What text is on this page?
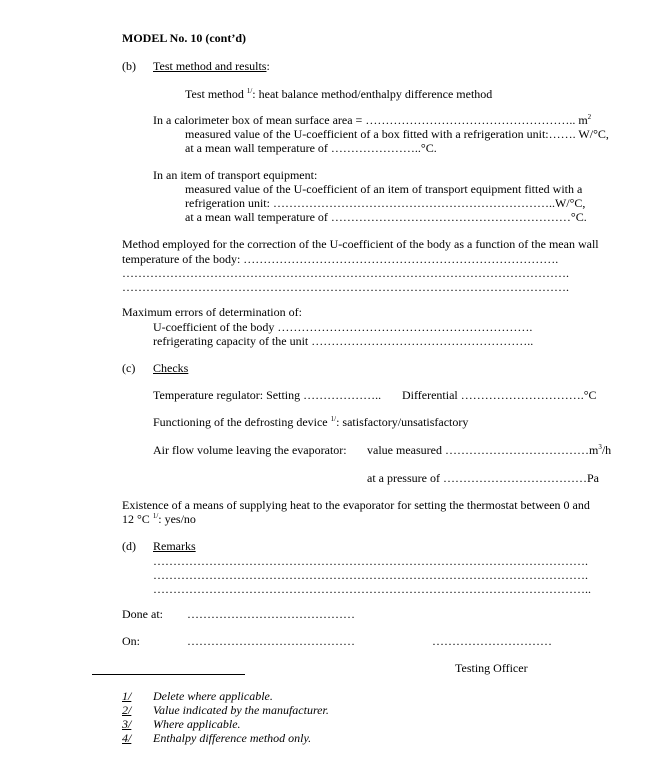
MODEL No. 10 (cont’d)
(b) Test method and results:
Test method $^{1/}$: heat balance method/enthalpy difference method
In a calorimeter box of mean surface area = …………………………………………….. $m^2$
measured value of the U-coefficient of a box fitted with a refrigeration unit:……. W/°C,
at a mean wall temperature of …………………..°C.
In an item of transport equipment:
measured value of the U-coefficient of an item of transport equipment fitted with a
refrigeration unit: ……………………………………………………………..W/°C,
at a mean wall temperature of ……………………………………………………°C.
Method employed for the correction of the U-coefficient of the body as a function of the mean wall
temperature of the body: …………………………………………………………………….
………………………………………………………………………………………………….
………………………………………………………………………………………………….
Maximum errors of determination of:
U-coefficient of the body ……………………………………………………….
refrigerating capacity of the unit ………………………………………………..
(c) Checks
Temperature regulator: Setting ……………….. Differential ………………………….°C
Functioning of the defrosting device $^{1/}$: satisfactory/unsatisfactory
Air flow volume leaving the evaporator: value measured $\dots\dots\dots\dots\dots\dots\dots\dots\dots\dots\dots\dots m^3/h$
at a pressure of ………………………………Pa
Existence of a means of supplying heat to the evaporator for setting the thermostat between 0 and
12 °C $^{1/}$: yes/no
(d) Remarks
……………………………………………………………………………………………….
……………………………………………………………………………………………….
………………………………………………………………………………………………..
Done at: ……………………………………
On:	……………………………………	…………………………
Testing Officer
1/ Delete where applicable.
2/ Value indicated by the manufacturer.
3/ Where applicable.
4/ Enthalpy difference method only.
